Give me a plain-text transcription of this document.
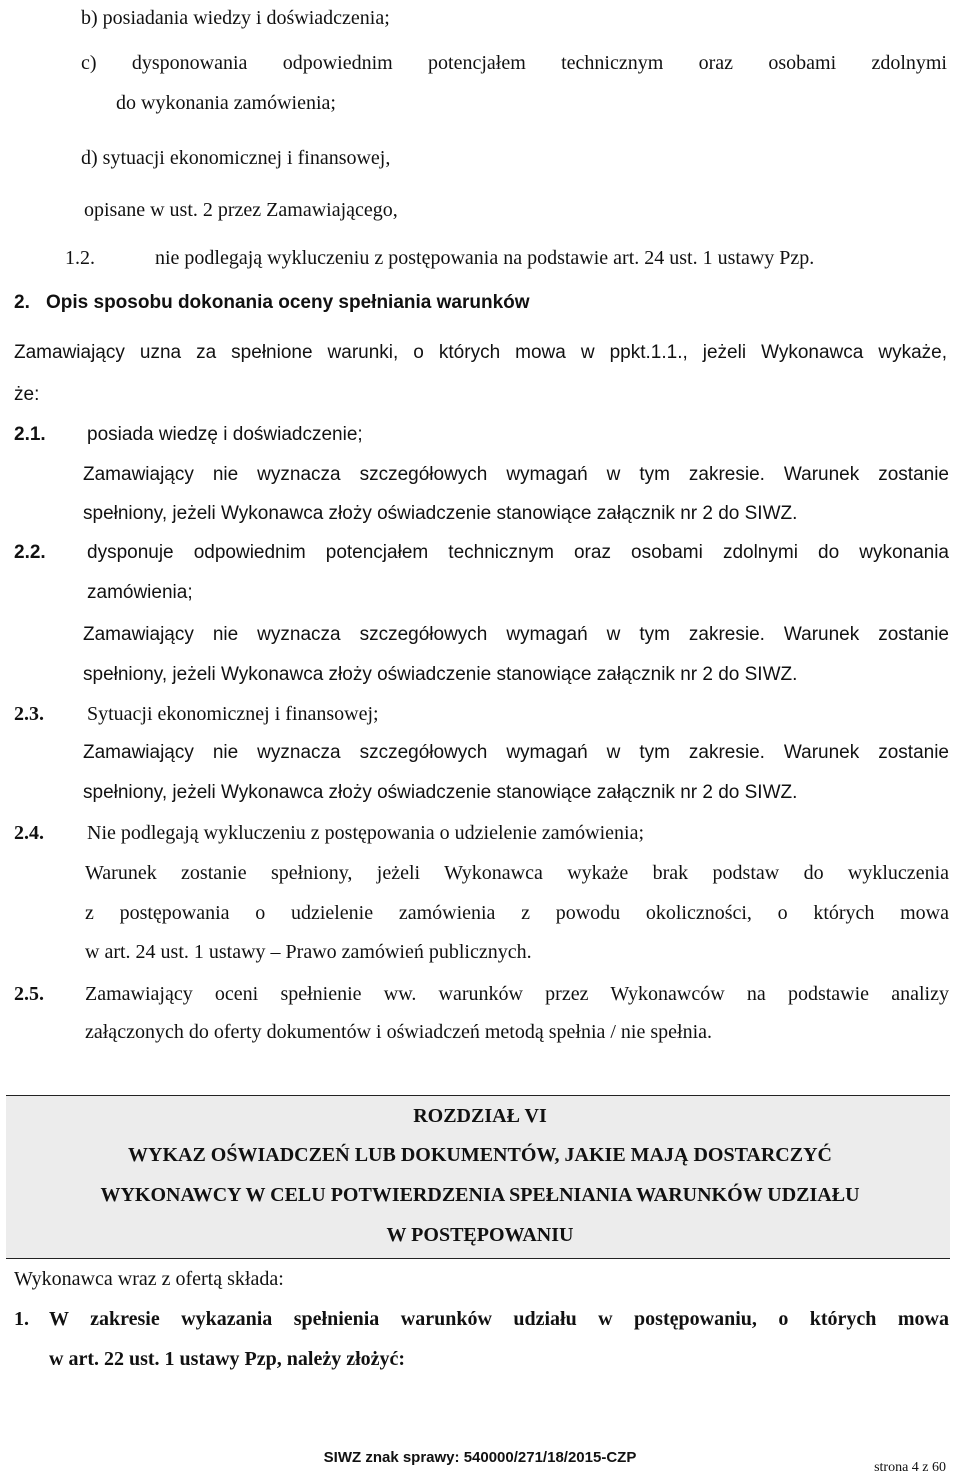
b) posiadania wiedzy i doświadczenia;
c) dysponowania odpowiednim potencjałem technicznym oraz osobami zdolnymi
do wykonania zamówienia;
d) sytuacji ekonomicznej i finansowej,
opisane w ust. 2 przez Zamawiającego,
1.2.	nie podlegają wykluczeniu z postępowania na podstawie art. 24 ust. 1 ustawy Pzp.
2. Opis sposobu dokonania oceny spełniania warunków
Zamawiający uzna za spełnione warunki, o których mowa w ppkt.1.1., jeżeli Wykonawca wykaże,
że:
2.1. posiada wiedzę i doświadczenie;
Zamawiający nie wyznacza szczegółowych wymagań w tym zakresie. Warunek zostanie
spełniony, jeżeli Wykonawca złoży oświadczenie stanowiące załącznik nr 2 do SIWZ.
2.2. dysponuje odpowiednim potencjałem technicznym oraz osobami zdolnymi do wykonania
zamówienia;
Zamawiający nie wyznacza szczegółowych wymagań w tym zakresie. Warunek zostanie
spełniony, jeżeli Wykonawca złoży oświadczenie stanowiące załącznik nr 2 do SIWZ.
2.3. Sytuacji ekonomicznej i finansowej;
Zamawiający nie wyznacza szczegółowych wymagań w tym zakresie. Warunek zostanie
spełniony, jeżeli Wykonawca złoży oświadczenie stanowiące załącznik nr 2 do SIWZ.
2.4. Nie podlegają wykluczeniu z postępowania o udzielenie zamówienia;
Warunek zostanie spełniony, jeżeli Wykonawca wykaże brak podstaw do wykluczenia
z postępowania o udzielenie zamówienia z powodu okoliczności, o których mowa
w art. 24 ust. 1 ustawy – Prawo zamówień publicznych.
2.5. Zamawiający oceni spełnienie ww. warunków przez Wykonawców na podstawie analizy
załączonych do oferty dokumentów i oświadczeń metodą spełnia / nie spełnia.
ROZDZIAŁ VI
WYKAZ OŚWIADCZEŃ LUB DOKUMENTÓW, JAKIE MAJĄ DOSTARCZYĆ
WYKONAWCY W CELU POTWIERDZENIA SPEŁNIANIA WARUNKÓW UDZIAŁU
W POSTĘPOWANIU
Wykonawca wraz z ofertą składa:
1. W zakresie wykazania spełnienia warunków udziału w postępowaniu, o których mowa
w art. 22 ust. 1 ustawy Pzp, należy złożyć:
SIWZ znak sprawy: 540000/271/18/2015-CZP
strona 4 z 60
